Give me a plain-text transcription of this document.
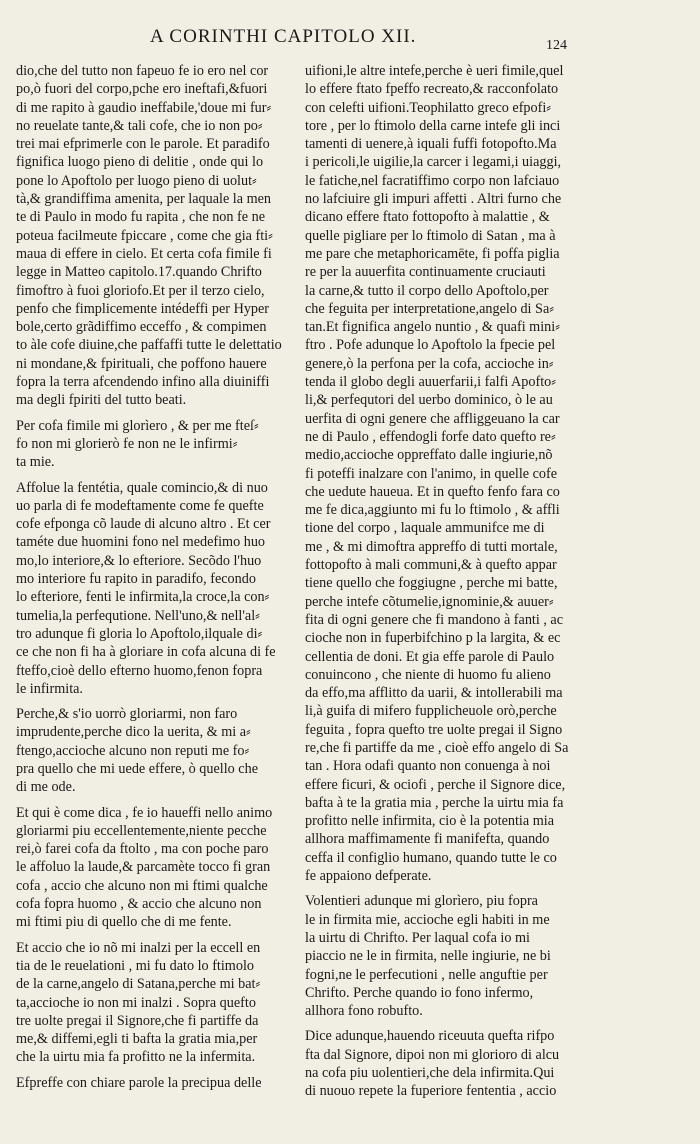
A CORINTHI CAPITOLO XII.	124
dio,che del tutto non fapeuo fe io ero nel cor
po,ò fuori del corpo,pche ero ineftafi,&fuori
di me rapito à gaudio ineffabile,'doue mi fur⸗
no reuelate tante,& tali cofe, che io non po⸗
trei mai efprimerle con le parole. Et paradifo
fignifica luogo pieno di delitie , onde qui lo
pone lo Apoftolo per luogo pieno di uolut⸗
tà,& grandiffima amenita, per laquale la men
te di Paulo in modo fu rapita , che non fe ne
poteua facilmeute fpiccare , come che gia fti⸗
maua di effere in cielo. Et certa cofa fimile fi
legge in Matteo capitolo.17.quando Chrifto
fimoftro à fuoi gloriofo.Et per il terzo cielo,
penfo che fimplicemente intédeffi per Hyper
bole,certo grãdiffimo ecceffo , & compimen
to àle cofe diuine,che paffaffi tutte le delettatio
ni mondane,& fpirituali, che poffono hauere
fopra la terra afcendendo infino alla diuiniffi
ma degli fpiriti del tutto beati.
Per cofa fimile mi glorìero , & per me fteſ⸗
fo non mi glorierò fe non ne le infirmi⸗
ta mie.
Affolue la fentétia, quale comincio,& di nuo
uo parla di fe modeftamente come fe quefte
cofe efponga cõ laude di alcuno altro . Et cer
taméte due huomini fono nel medefimo huo
mo,lo interiore,& lo efteriore. Secõdo l'huo
mo interiore fu rapito in paradifo, fecondo
lo efteriore, fenti le infirmita,la croce,la con⸗
tumelia,la perfequtione. Nell'uno,& nell'al⸗
tro adunque fi gloria lo Apoftolo,ilquale di⸗
ce che non fi ha à gloriare in cofa alcuna di fe
fteffo,cioè dello efterno huomo,fenon fopra
le infirmita.
Perche,& s'io uorrò gloriarmi, non faro
imprudente,perche dico la uerita, & mi a⸗
ftengo,accioche alcuno non reputi me fo⸗
pra quello che mi uede effere, ò quello che
di me ode.
Et qui è come dica , fe io haueffi nello animo
gloriarmi piu eccellentemente,niente pecche
rei,ò farei cofa da ftolto , ma con poche paro
le affoluo la laude,& parcamète tocco fi gran
cofa , accio che alcuno non mi ftimi qualche
cofa fopra huomo , & accio che alcuno non
mi ftimi piu di quello che di me fente.
Et accio che io nõ mi inalzi per la eccell en
tia de le reuelationi , mi fu dato lo ftimolo
de la carne,angelo di Satana,perche mi bat⸗
ta,accioche io non mi inalzi . Sopra quefto
tre uolte pregai il Signore,che fi partiffe da
me,& diffemi,egli ti bafta la gratia mia,per
che la uirtu mia fa profitto ne la infermita.
Efpreffe con chiare parole la precipua delle
uifioni,le altre intefe,perche è ueri fimile,quel
lo effere ftato fpeffo recreato,& racconfolato
con celefti uifioni.Teophilatto greco efpofi⸗
tore , per lo ftimolo della carne intefe gli inci
tamenti di uenere,à iquali fuffi fotopofto.Ma
i pericoli,le uigilie,la carcer i legami,i uiaggi,
le fatiche,nel facratiffimo corpo non lafciauo
no lafciuire gli impuri affetti . Altri furno che
dicano effere ftato fottopofto à malattie , &
quelle pigliare per lo ftimolo di Satan , ma à
me pare che metaphoricamēte, fi poffa piglia
re per la auuerfita continuamente cruciauti
la carne,& tutto il corpo dello Apoftolo,per
che feguita per interpretatione,angelo di Sa⸗
tan.Et fignifica angelo nuntio , & quafi mini⸗
ftro . Pofe adunque lo Apoftolo la fpecie pel
genere,ò la perfona per la cofa, accioche in⸗
tenda il globo degli auuerfarii,i falfi Apofto⸗
li,& perfequtori del uerbo dominico, ò le au
uerfita di ogni genere che affliggeuano la car
ne di Paulo , effendogli forfe dato quefto re⸗
medio,accioche oppreffato dalle ingiurie,nõ
fi poteffi inalzare con l'animo, in quelle cofe
che uedute haueua. Et in quefto fenfo fara co
me fe dica,aggiunto mi fu lo ftimolo , & affli
tione del corpo , laquale ammunifce me di
me , & mi dimoftra appreffo di tutti mortale,
fottopofto à mali communi,& à quefto appar
tiene quello che foggiugne , perche mi batte,
perche intefe cõtumelie,ignominie,& auuer⸗
fita di ogni genere che fi mandono à fanti , ac
cioche non in fuperbifchino p la largita, & ec
cellentia de doni. Et gia effe parole di Paulo
conuincono , che niente di huomo fu alieno
da effo,ma afflitto da uarii, & intollerabili ma
li,à guifa di mifero fupplicheuole orò,perche
feguita , fopra quefto tre uolte pregai il Signo
re,che fi partiffe da me , cioè effo angelo di Sa
tan . Hora odafi quanto non conuenga à noi
effere ficuri, & ociofi , perche il Signore dice,
bafta à te la gratia mia , perche la uirtu mia fa
profitto nelle infirmita, cio è la potentia mia
allhora maffimamente fi manifefta, quando
ceffa il configlio humano, quando tutte le co
fe appaiono defperate.
Volentieri adunque mi glorìero, piu fopra
le in firmita mie, accioche egli habiti in me
la uirtu di Chrifto. Per laqual cofa io mi
piaccio ne le in firmita, nelle ingiurie, ne bi
fogni,ne le perfecutioni , nelle anguftie per
Chrifto. Perche quando io fono infermo,
allhora fono robufto.
Dice adunque,hauendo riceuuta quefta rifpo
fta dal Signore, dipoi non mi glorioro di alcu
na cofa piu uolentieri,che dela infirmita.Qui
di nuouo repete la fuperiore fententia , accio
